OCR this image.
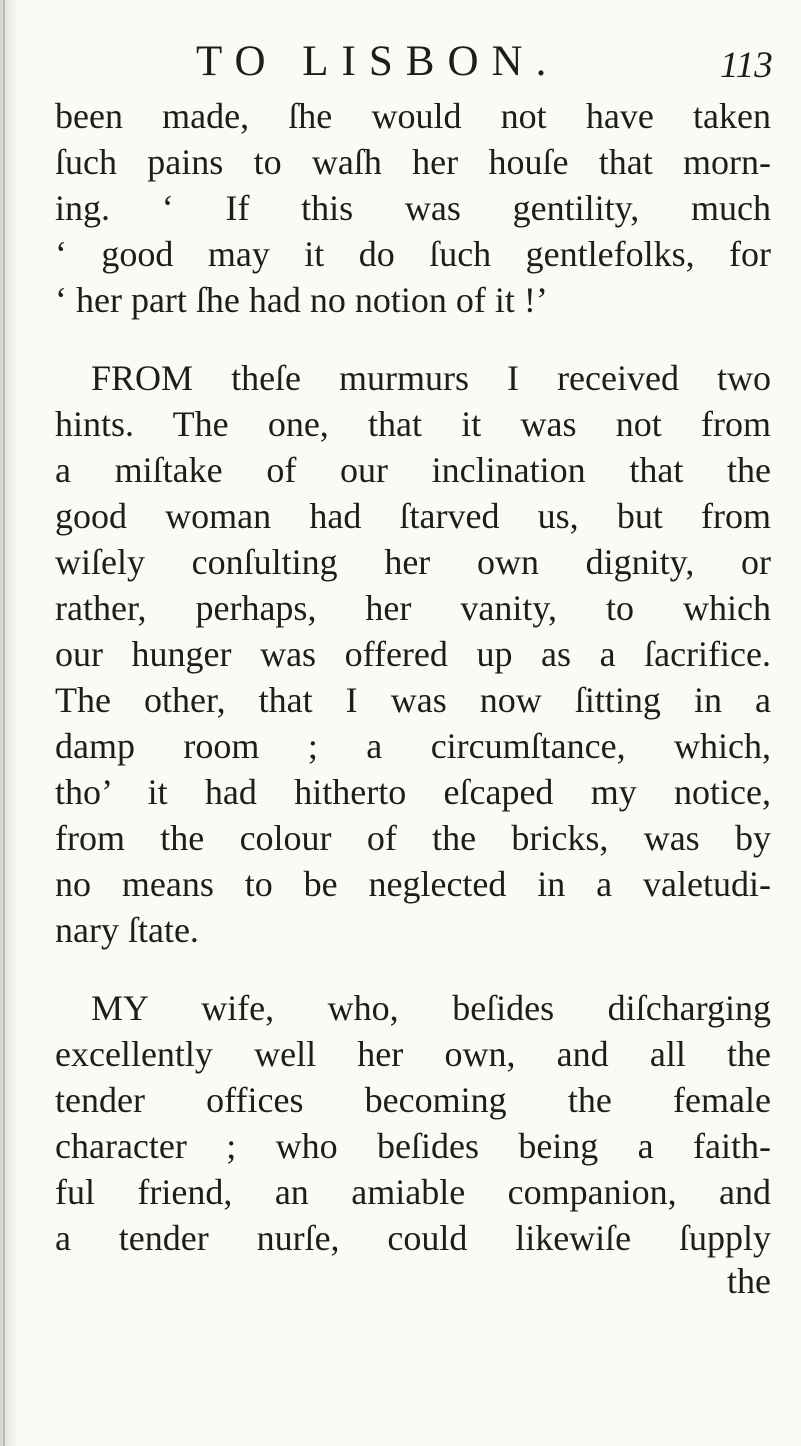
TO LISBON.	113
been made, ſhe would not have taken
ſuch pains to waſh her houſe that morn-
ing. ‘ If this was gentility, much
‘ good may it do ſuch gentlefolks, for
‘ her part ſhe had no notion of it !’
FROM theſe murmurs I received two
hints. The one, that it was not from
a miſtake of our inclination that the
good woman had ſtarved us, but from
wiſely conſulting her own dignity, or
rather, perhaps, her vanity, to which
our hunger was offered up as a ſacrifice.
The other, that I was now ſitting in a
damp room ; a circumſtance, which,
tho’ it had hitherto eſcaped my notice,
from the colour of the bricks, was by
no means to be neglected in a valetudi-
nary ſtate.
MY wife, who, beſides diſcharging
excellently well her own, and all the
tender offices becoming the female
character ; who beſides being a faith-
ful friend, an amiable companion, and
a tender nurſe, could likewiſe ſupply
the
